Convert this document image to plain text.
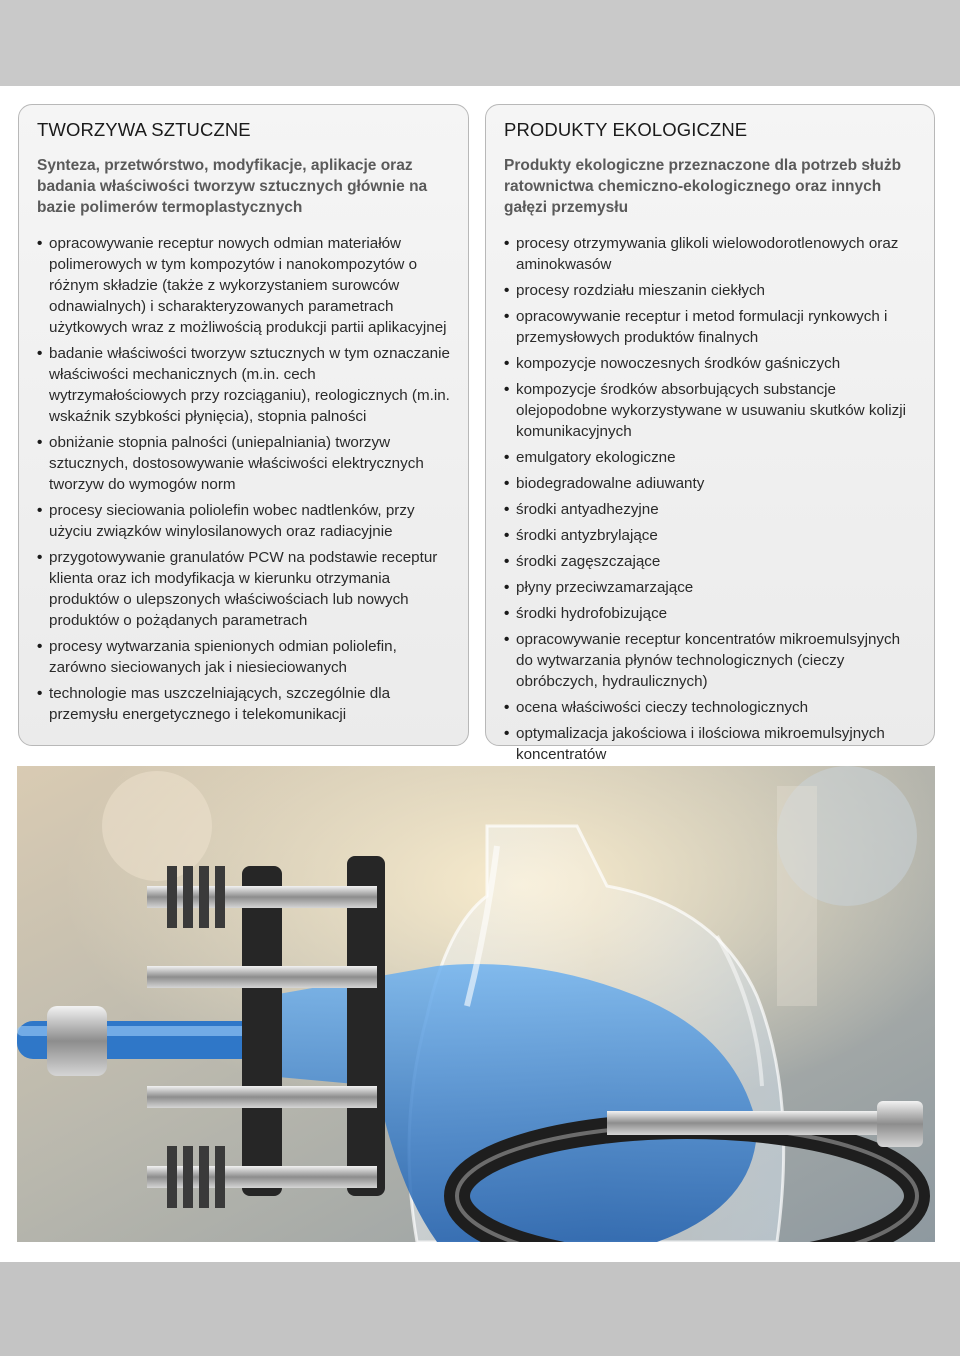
TWORZYWA SZTUCZNE

Synteza, przetwórstwo, modyfikacje, aplikacje oraz badania właściwości tworzyw sztucznych głównie na bazie polimerów termoplastycznych

• opracowywanie receptur nowych odmian materiałów polimerowych w tym kompozytów i nanokompozytów o różnym składzie (także z wykorzystaniem surowców odnawialnych) i scharakteryzowanych parametrach użytkowych wraz z możliwością produkcji partii aplikacyjnej
• badanie właściwości tworzyw sztucznych w tym oznaczanie właściwości mechanicznych (m.in. cech wytrzymałościowych przy rozciąganiu), reologicznych (m.in. wskaźnik szybkości płynięcia), stopnia palności
• obniżanie stopnia palności (uniepalniania) tworzyw sztucznych, dostosowywanie właściwości elektrycznych tworzyw do wymogów norm
• procesy sieciowania poliolefin wobec nadtlenków, przy użyciu związków winylosilanowych oraz radiacyjnie
• przygotowywanie granulatów PCW na podstawie receptur klienta oraz ich modyfikacja w kierunku otrzymania produktów o ulepszonych właściwościach lub nowych produktów o pożądanych parametrach
• procesy wytwarzania spienionych odmian poliolefin, zarówno sieciowanych jak i niesieciowanych
• technologie mas uszczelniających, szczególnie dla przemysłu energetycznego i telekomunikacji
PRODUKTY EKOLOGICZNE

Produkty ekologiczne przeznaczone dla potrzeb służb ratownictwa chemiczno-ekologicznego oraz innych gałęzi przemysłu

• procesy otrzymywania glikoli wielowodorotlenowych oraz aminokwasów
• procesy rozdziału mieszanin ciekłych
• opracowywanie receptur i metod formulacji rynkowych i przemysłowych produktów finalnych
• kompozycje nowoczesnych środków gaśniczych
• kompozycje środków absorbujących substancje olejopodobne wykorzystywane w usuwaniu skutków kolizji komunikacyjnych
• emulgatory ekologiczne
• biodegradowalne adiuwanty
• środki antyadhezyjne
• środki antyzbrylające
• środki zagęszczające
• płyny przeciwzamarzające
• środki hydrofobizujące
• opracowywanie receptur koncentratów mikroemulsyjnych do wytwarzania płynów technologicznych (cieczy obróbczych, hydraulicznych)
• ocena właściwości cieczy technologicznych
• optymalizacja jakościowa i ilościowa mikroemulsyjnych koncentratów
